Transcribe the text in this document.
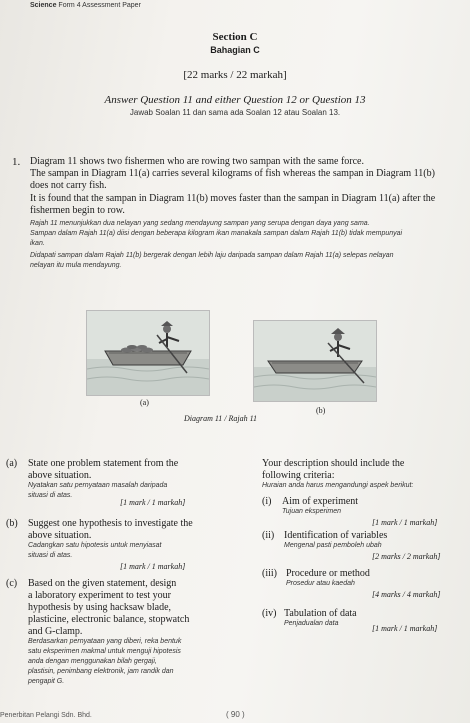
Science Form 4 Assessment Paper
Section C
Bahagian C
[22 marks / 22 markah]
Answer Question 11 and either Question 12 or Question 13
Jawab Soalan 11 dan sama ada Soalan 12 atau Soalan 13.
1. Diagram 11 shows two fishermen who are rowing two sampan with the same force.
The sampan in Diagram 11(a) carries several kilograms of fish whereas the sampan in Diagram 11(b)
does not carry fish.
It is found that the sampan in Diagram 11(b) moves faster than the sampan in Diagram 11(a) after the
fishermen begin to row.
Rajah 11 menunjukkan dua nelayan yang sedang mendayung sampan yang serupa dengan daya yang sama.
Sampan dalam Rajah 11(a) diisi dengan beberapa kilogram ikan manakala sampan dalam Rajah 11(b) tidak mempunyai
ikan.
Didapati sampan dalam Rajah 11(b) bergerak dengan lebih laju daripada sampan dalam Rajah 11(a) selepas nelayan
nelayan itu mula mendayung.
(a)
(b)
Diagram 11 / Rajah 11
(a) State one problem statement from the
above situation.
Nyatakan satu pernyataan masalah daripada
situasi di atas.
[1 mark / 1 markah]
(b) Suggest one hypothesis to investigate the
above situation.
Cadangkan satu hipotesis untuk menyiasat
situasi di atas.
[1 mark / 1 markah]
(c) Based on the given statement, design
a laboratory experiment to test your
hypothesis by using hacksaw blade,
plasticine, electronic balance, stopwatch
and G-clamp.
Berdasarkan pernyataan yang diberi, reka bentuk
satu eksperimen makmal untuk menguji hipotesis
anda dengan menggunakan bilah gergaji,
plastisin, penimbang elektronik, jam randik dan
pengapit G.
Your description should include the
following criteria:
Huraian anda harus mengandungi aspek berikut:
(i) Aim of experiment
Tujuan eksperimen
[1 mark / 1 markah]
(ii) Identification of variables
Mengenal pasti pemboleh ubah
[2 marks / 2 markah]
(iii) Procedure or method
Prosedur atau kaedah
[4 marks / 4 markah]
(iv) Tabulation of data
Penjadualan data
[1 mark / 1 markah]
Penerbitan Pelangi Sdn. Bhd.	( 90 )
